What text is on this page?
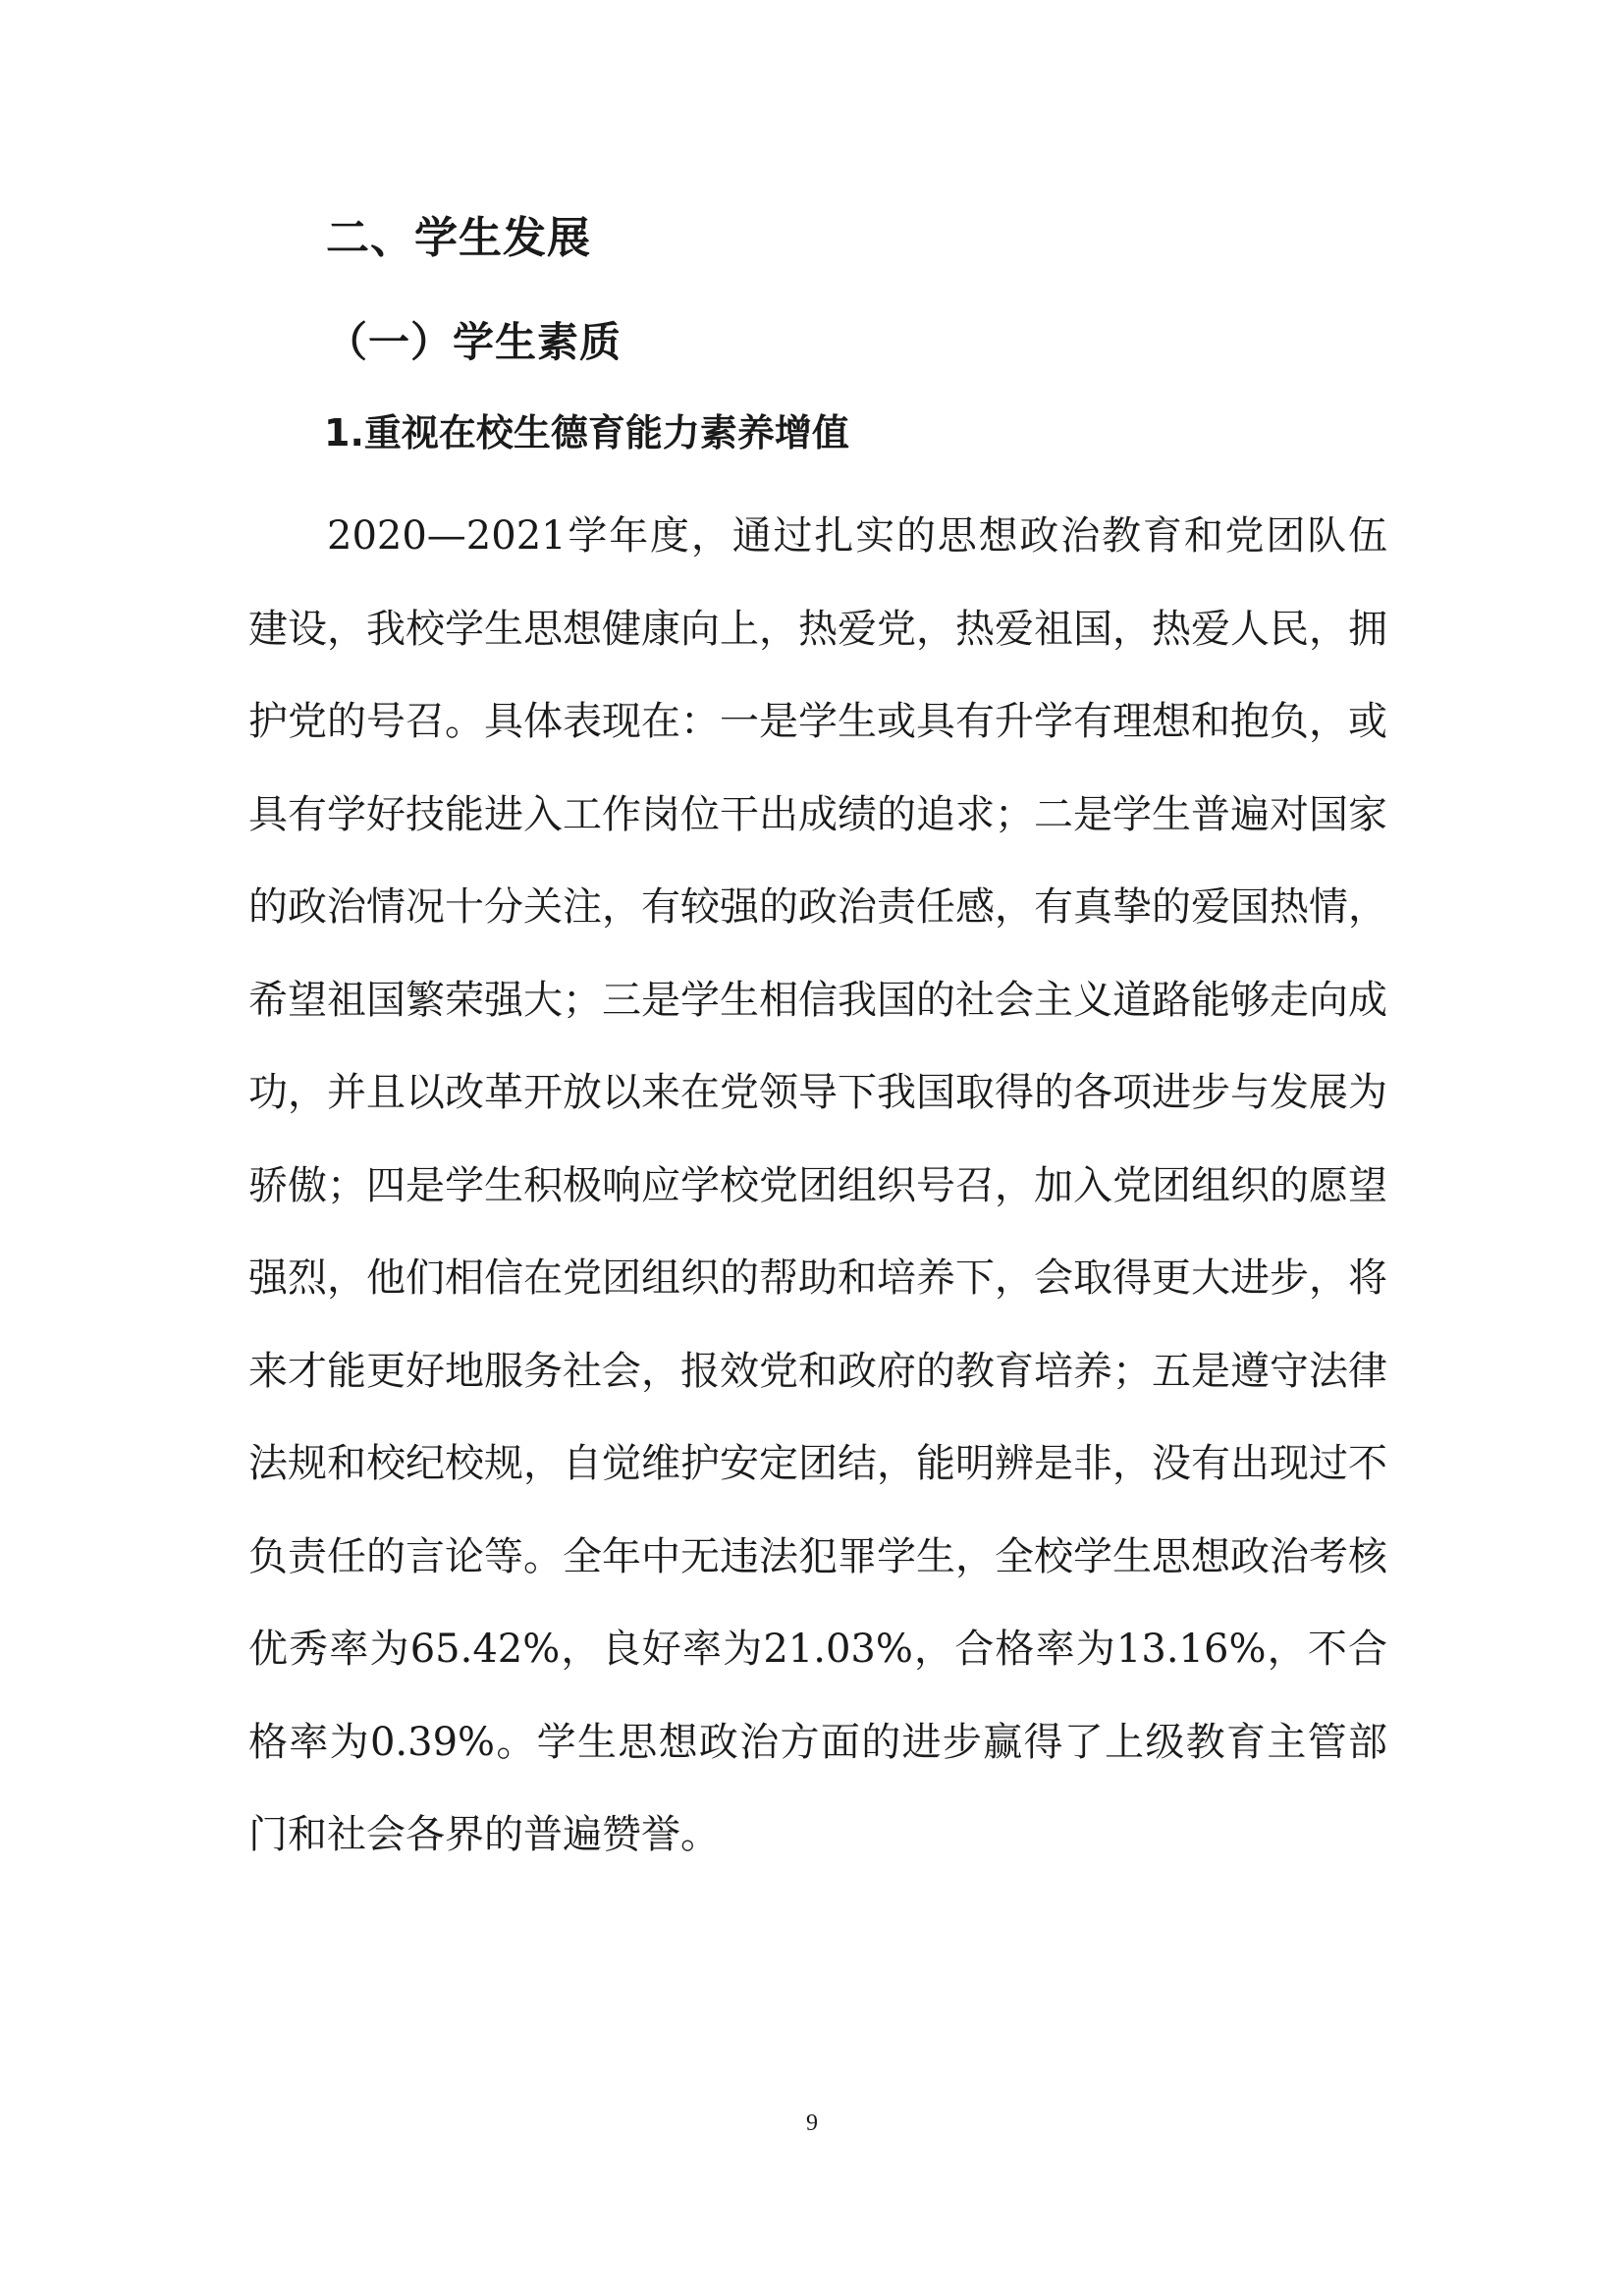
二、学生发展
（一）学生素质
1.重视在校生德育能力素养增值

2020—2021学年度，通过扎实的思想政治教育和党团队伍建设，我校学生思想健康向上，热爱党，热爱祖国，热爱人民，拥护党的号召。具体表现在：一是学生或具有升学有理想和抱负，或具有学好技能进入工作岗位干出成绩的追求；二是学生普遍对国家的政治情况十分关注，有较强的政治责任感，有真挚的爱国热情，希望祖国繁荣强大；三是学生相信我国的社会主义道路能够走向成功，并且以改革开放以来在党领导下我国取得的各项进步与发展为骄傲；四是学生积极响应学校党团组织号召，加入党团组织的愿望强烈，他们相信在党团组织的帮助和培养下，会取得更大进步，将来才能更好地服务社会，报效党和政府的教育培养；五是遵守法律法规和校纪校规，自觉维护安定团结，能明辨是非，没有出现过不负责任的言论等。全年中无违法犯罪学生，全校学生思想政治考核优秀率为65.42%，良好率为21.03%，合格率为13.16%，不合格率为0.39%。学生思想政治方面的进步赢得了上级教育主管部门和社会各界的普遍赞誉。

9
